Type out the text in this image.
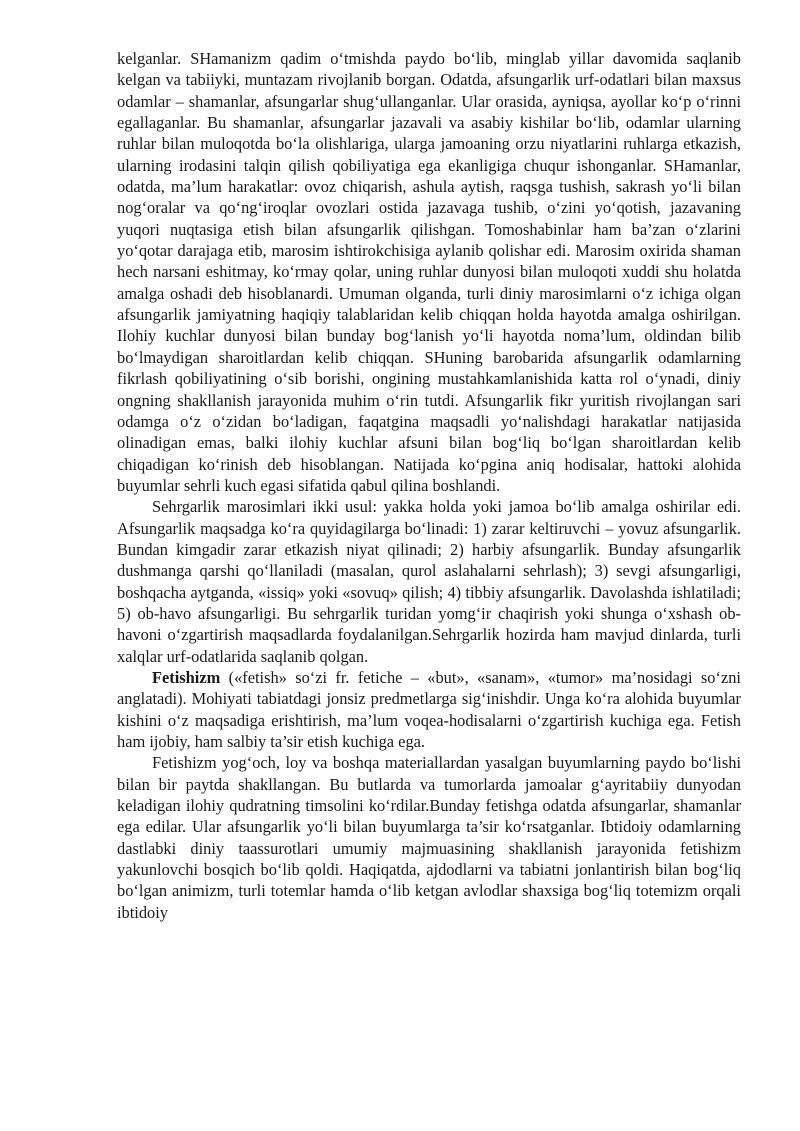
kelganlar. SHamanizm qadim o‘tmishda paydo bo‘lib, minglab yillar davomida saqlanib kelgan va tabiiyki, muntazam rivojlanib borgan. Odatda, afsungarlik urf-odatlari bilan maxsus odamlar – shamanlar, afsungarlar shug‘ullanganlar. Ular orasida, ayniqsa, ayollar ko‘p o‘rinni egallaganlar. Bu shamanlar, afsungarlar jazavali va asabiy kishilar bo‘lib, odamlar ularning ruhlar bilan muloqotda bo‘la olishlariga, ularga jamoaning orzu niyatlarini ruhlarga etkazish, ularning irodasini talqin qilish qobiliyatiga ega ekanligiga chuqur ishonganlar. SHamanlar, odatda, ma’lum harakatlar: ovoz chiqarish, ashula aytish, raqsga tushish, sakrash yo‘li bilan nog‘oralar va qo‘ng‘iroqlar ovozlari ostida jazavaga tushib, o‘zini yo‘qotish, jazavaning yuqori nuqtasiga etish bilan afsungarlik qilishgan. Tomoshabinlar ham ba’zan o‘zlarini yo‘qotar darajaga etib, marosim ishtirokchisiga aylanib qolishar edi. Marosim oxirida shaman hech narsani eshitmay, ko‘rmay qolar, uning ruhlar dunyosi bilan muloqoti xuddi shu holatda amalga oshadi deb hisoblanardi. Umuman olganda, turli diniy marosimlarni o‘z ichiga olgan afsungarlik jamiyatning haqiqiy talablaridan kelib chiqqan holda hayotda amalga oshirilgan. Ilohiy kuchlar dunyosi bilan bunday bog‘lanish yo‘li hayotda noma’lum, oldindan bilib bo‘lmaydigan sharoitlardan kelib chiqqan. SHuning barobarida afsungarlik odamlarning fikrlash qobiliyatining o‘sib borishi, ongining mustahkamlanishida katta rol o‘ynadi, diniy ongning shakllanish jarayonida muhim o‘rin tutdi. Afsungarlik fikr yuritish rivojlangan sari odamga o‘z o‘zidan bo‘ladigan, faqatgina maqsadli yo‘nalishdagi harakatlar natijasida olinadigan emas, balki ilohiy kuchlar afsuni bilan bog‘liq bo‘lgan sharoitlardan kelib chiqadigan ko‘rinish deb hisoblangan. Natijada ko‘pgina aniq hodisalar, hattoki alohida buyumlar sehrli kuch egasi sifatida qabul qilina boshlandi.

Sehrgarlik marosimlari ikki usul: yakka holda yoki jamoa bo‘lib amalga oshirilar edi. Afsungarlik maqsadga ko‘ra quyidagilarga bo‘linadi: 1) zarar keltiruvchi – yovuz afsungarlik. Bundan kimgadir zarar etkazish niyat qilinadi; 2) harbiy afsungarlik. Bunday afsungarlik dushmanga qarshi qo‘llaniladi (masalan, qurol aslahalarni sehrlash); 3) sevgi afsungarligi, boshqacha aytganda, «issiq» yoki «sovuq» qilish; 4) tibbiy afsungarlik. Davolashda ishlatiladi; 5) ob-havo afsungarligi. Bu sehrgarlik turidan yomg‘ir chaqirish yoki shunga o‘xshash ob-havoni o‘zgartirish maqsadlarda foydalanilgan.Sehrgarlik hozirda ham mavjud dinlarda, turli xalqlar urf-odatlarida saqlanib qolgan.

Fetishizm («fetish» so‘zi fr. fetiche – «but», «sanam», «tumor» ma’nosidagi so‘zni anglatadi). Mohiyati tabiatdagi jonsiz predmetlarga sig‘inishdir. Unga ko‘ra alohida buyumlar kishini o‘z maqsadiga erishtirish, ma’lum voqea-hodisalarni o‘zgartirish kuchiga ega. Fetish ham ijobiy, ham salbiy ta’sir etish kuchiga ega.

Fetishizm yog‘och, loy va boshqa materiallardan yasalgan buyumlarning paydo bo‘lishi bilan bir paytda shakllangan. Bu butlarda va tumorlarda jamoalar g‘ayritabiiy dunyodan keladigan ilohiy qudratning timsolini ko‘rdilar.Bunday fetishga odatda afsungarlar, shamanlar ega edilar. Ular afsungarlik yo‘li bilan buyumlarga ta’sir ko‘rsatganlar. Ibtidoiy odamlarning dastlabki diniy taassurotlari umumiy majmuasining shakllanish jarayonida fetishizm yakunlovchi bosqich bo‘lib qoldi. Haqiqatda, ajdodlarni va tabiatni jonlantirish bilan bog‘liq bo‘lgan animizm, turli totemlar hamda o‘lib ketgan avlodlar shaxsiga bog‘liq totemizm orqali ibtidoiy
